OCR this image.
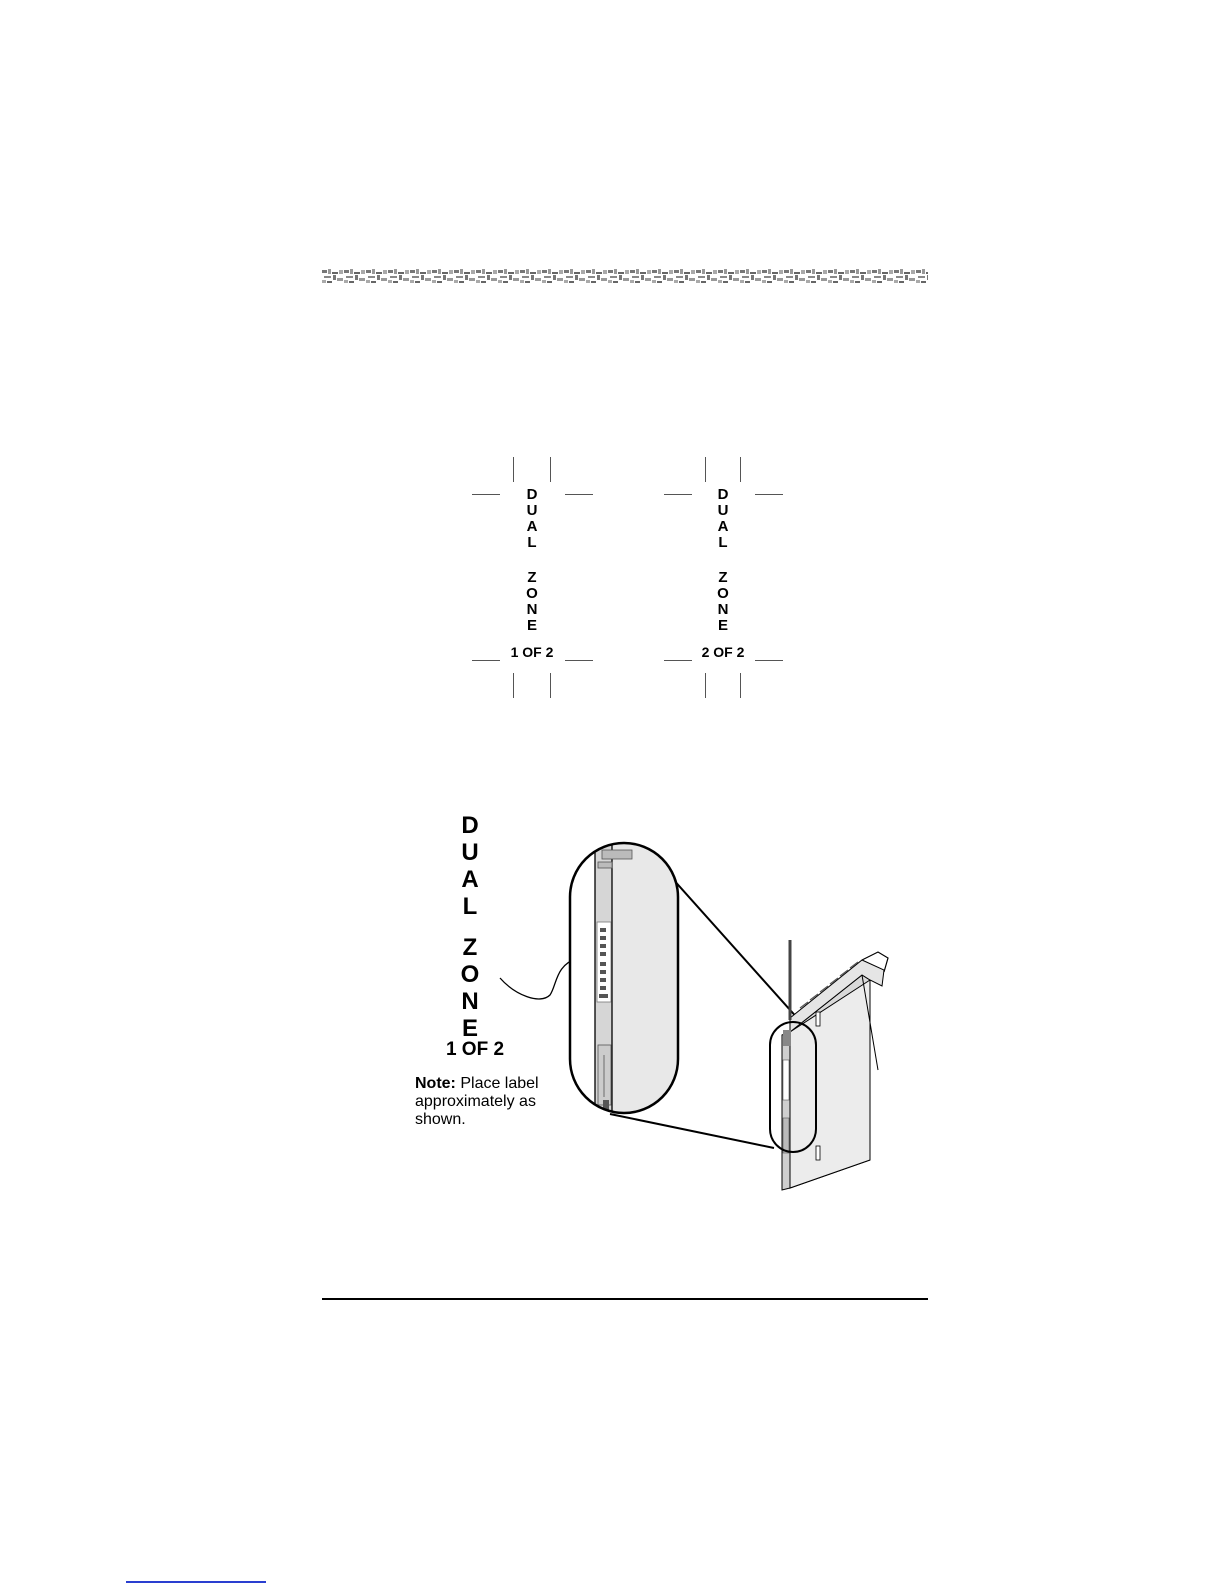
D
U
A
L
Z
O
N
E
1 OF 2
D
U
A
L
Z
O
N
E
2 OF 2
D
U
A
L
Z
O
N
E
1 OF 2
Note: Place label approximately as shown.
